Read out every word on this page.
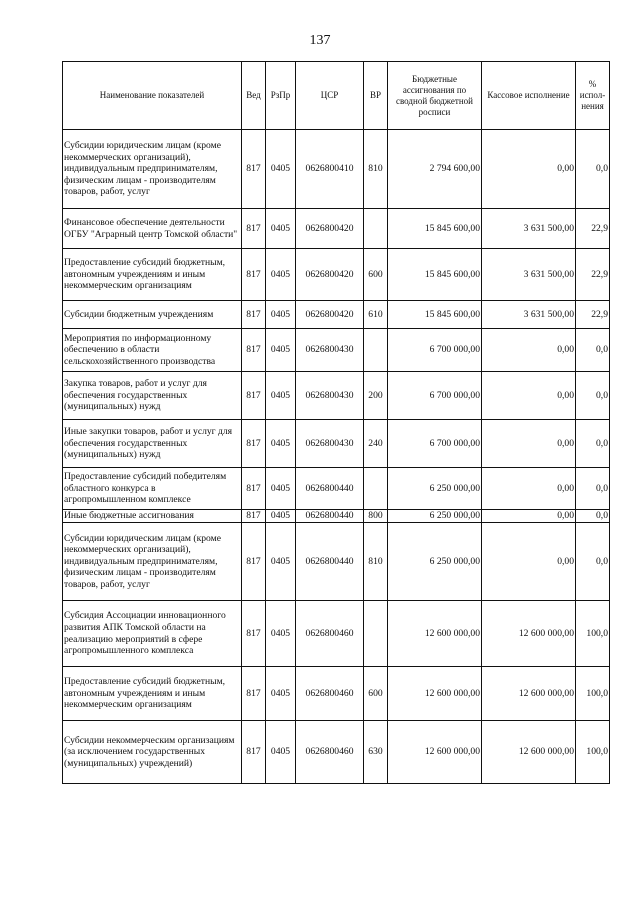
137
Наименование показателей	Вед	РзПр	ЦСР	ВР	Бюджетные ассигнования по сводной бюджетной росписи	Кассовое исполнение	% испол-нения
Субсидии юридическим лицам (кроме некоммерческих организаций), индивидуальным предпринимателям, физическим лицам - производителям товаров, работ, услуг	817	0405	0626800410	810	2 794 600,00	0,00	0,0
Финансовое обеспечение деятельности ОГБУ "Аграрный центр Томской области"	817	0405	0626800420		15 845 600,00	3 631 500,00	22,9
Предоставление субсидий бюджетным, автономным учреждениям и иным некоммерческим организациям	817	0405	0626800420	600	15 845 600,00	3 631 500,00	22,9
Субсидии бюджетным учреждениям	817	0405	0626800420	610	15 845 600,00	3 631 500,00	22,9
Мероприятия по информационному обеспечению в области сельскохозяйственного производства	817	0405	0626800430		6 700 000,00	0,00	0,0
Закупка товаров, работ и услуг для обеспечения государственных (муниципальных) нужд	817	0405	0626800430	200	6 700 000,00	0,00	0,0
Иные закупки товаров, работ и услуг для обеспечения государственных (муниципальных) нужд	817	0405	0626800430	240	6 700 000,00	0,00	0,0
Предоставление субсидий победителям областного конкурса в агропромышленном комплексе	817	0405	0626800440		6 250 000,00	0,00	0,0
Иные бюджетные ассигнования	817	0405	0626800440	800	6 250 000,00	0,00	0,0
Субсидии юридическим лицам (кроме некоммерческих организаций), индивидуальным предпринимателям, физическим лицам - производителям товаров, работ, услуг	817	0405	0626800440	810	6 250 000,00	0,00	0,0
Субсидия Ассоциации инновационного развития АПК Томской области на реализацию мероприятий в сфере агропромышленного комплекса	817	0405	0626800460		12 600 000,00	12 600 000,00	100,0
Предоставление субсидий бюджетным, автономным учреждениям и иным некоммерческим организациям	817	0405	0626800460	600	12 600 000,00	12 600 000,00	100,0
Субсидии некоммерческим организациям (за исключением государственных (муниципальных) учреждений)	817	0405	0626800460	630	12 600 000,00	12 600 000,00	100,0
